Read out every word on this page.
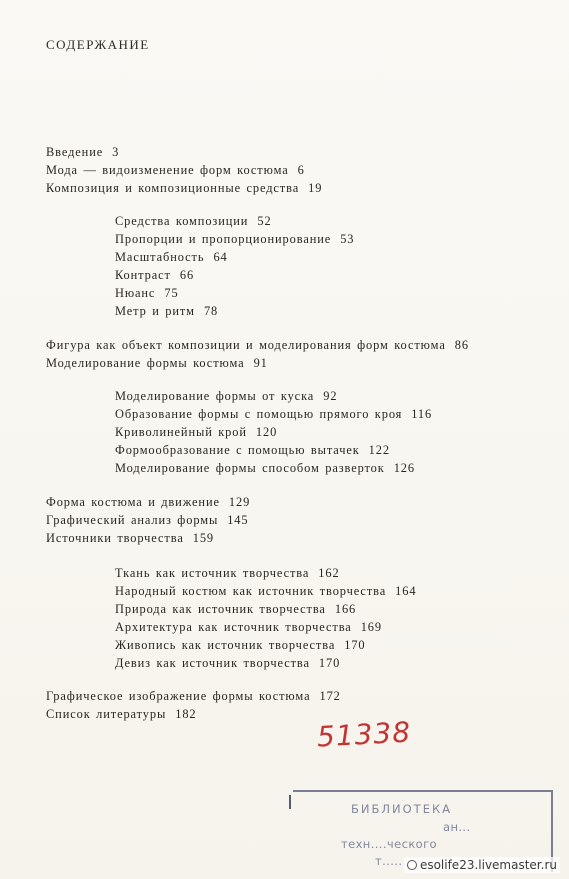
СОДЕРЖАНИЕ
Введение 3
Мода — видоизменение форм костюма 6
Композиция и композиционные средства 19
Средства композиции 52
Пропорции и пропорционирование 53
Масштабность 64
Контраст 66
Нюанс 75
Метр и ритм 78
Фигура как объект композиции и моделирования форм костюма 86
Моделирование формы костюма 91
Моделирование формы от куска 92
Образование формы с помощью прямого кроя 116
Криволинейный крой 120
Формообразование с помощью вытачек 122
Моделирование формы способом разверток 126
Форма костюма и движение 129
Графический анализ формы 145
Источники творчества 159
Ткань как источник творчества 162
Народный костюм как источник творчества 164
Природа как источник творчества 166
Архитектура как источник творчества 169
Живопись как источник творчества 170
Девиз как источник творчества 170
Графическое изображение формы костюма 172
Список литературы 182
51338
БИБЛИОТЕКА
ан...
техн....ческого
т.....	esolife23.livemaster.ru
